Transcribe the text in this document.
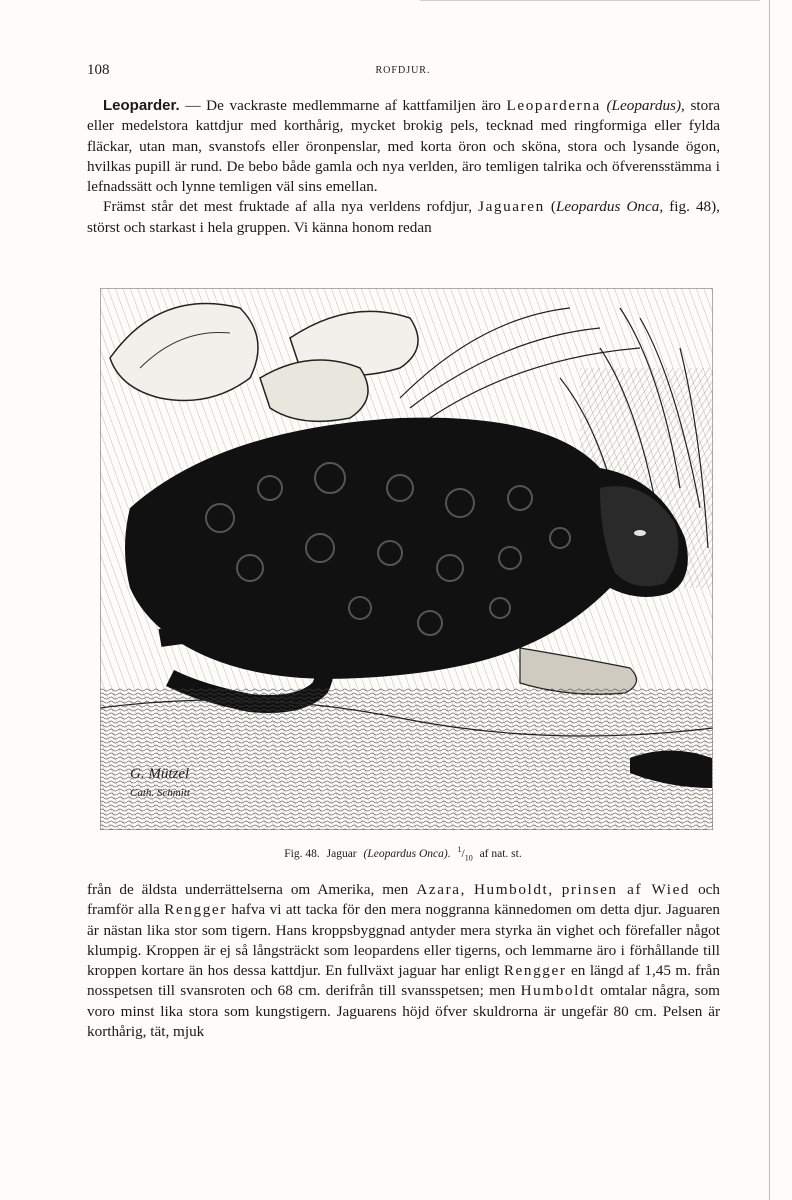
108	ROFDJUR.

Leoparder. — De vackraste medlemmarne af kattfamiljen äro Leoparderna (Leopardus), stora eller medelstora kattdjur med korthårig, mycket brokig pels, tecknad med ringformiga eller fylda fläckar, utan man, svanstofs eller öronpenslar, med korta öron och sköna, stora och lysande ögon, hvilkas pupill är rund. De bebo både gamla och nya verlden, äro temligen talrika och öfverensstämma i lefnadssätt och lynne temligen väl sins emellan.

Främst står det mest fruktade af alla nya verldens rofdjur, Jaguaren (Leopardus Onca, fig. 48), störst och starkast i hela gruppen. Vi känna honom redan

G. Mützel
Cath. Schmitt
Fig. 48. Jaguar (Leopardus Onca). $^1/_{10}$ af nat. st.

från de äldsta underrättelserna om Amerika, men Azara, Humboldt, prinsen af Wied och framför alla Rengger hafva vi att tacka för den mera noggranna kännedomen om detta djur. Jaguaren är nästan lika stor som tigern. Hans kroppsbyggnad antyder mera styrka än vighet och förefaller något klumpig. Kroppen är ej så långsträckt som leopardens eller tigerns, och lemmarne äro i förhållande till kroppen kortare än hos dessa kattdjur. En fullväxt jaguar har enligt Rengger en längd af 1,45 m. från nosspetsen till svansroten och 68 cm. derifrån till svansspetsen; men Humboldt omtalar några, som voro minst lika stora som kungstigern. Jaguarens höjd öfver skuldrorna är ungefär 80 cm. Pelsen är korthårig, tät, mjuk
